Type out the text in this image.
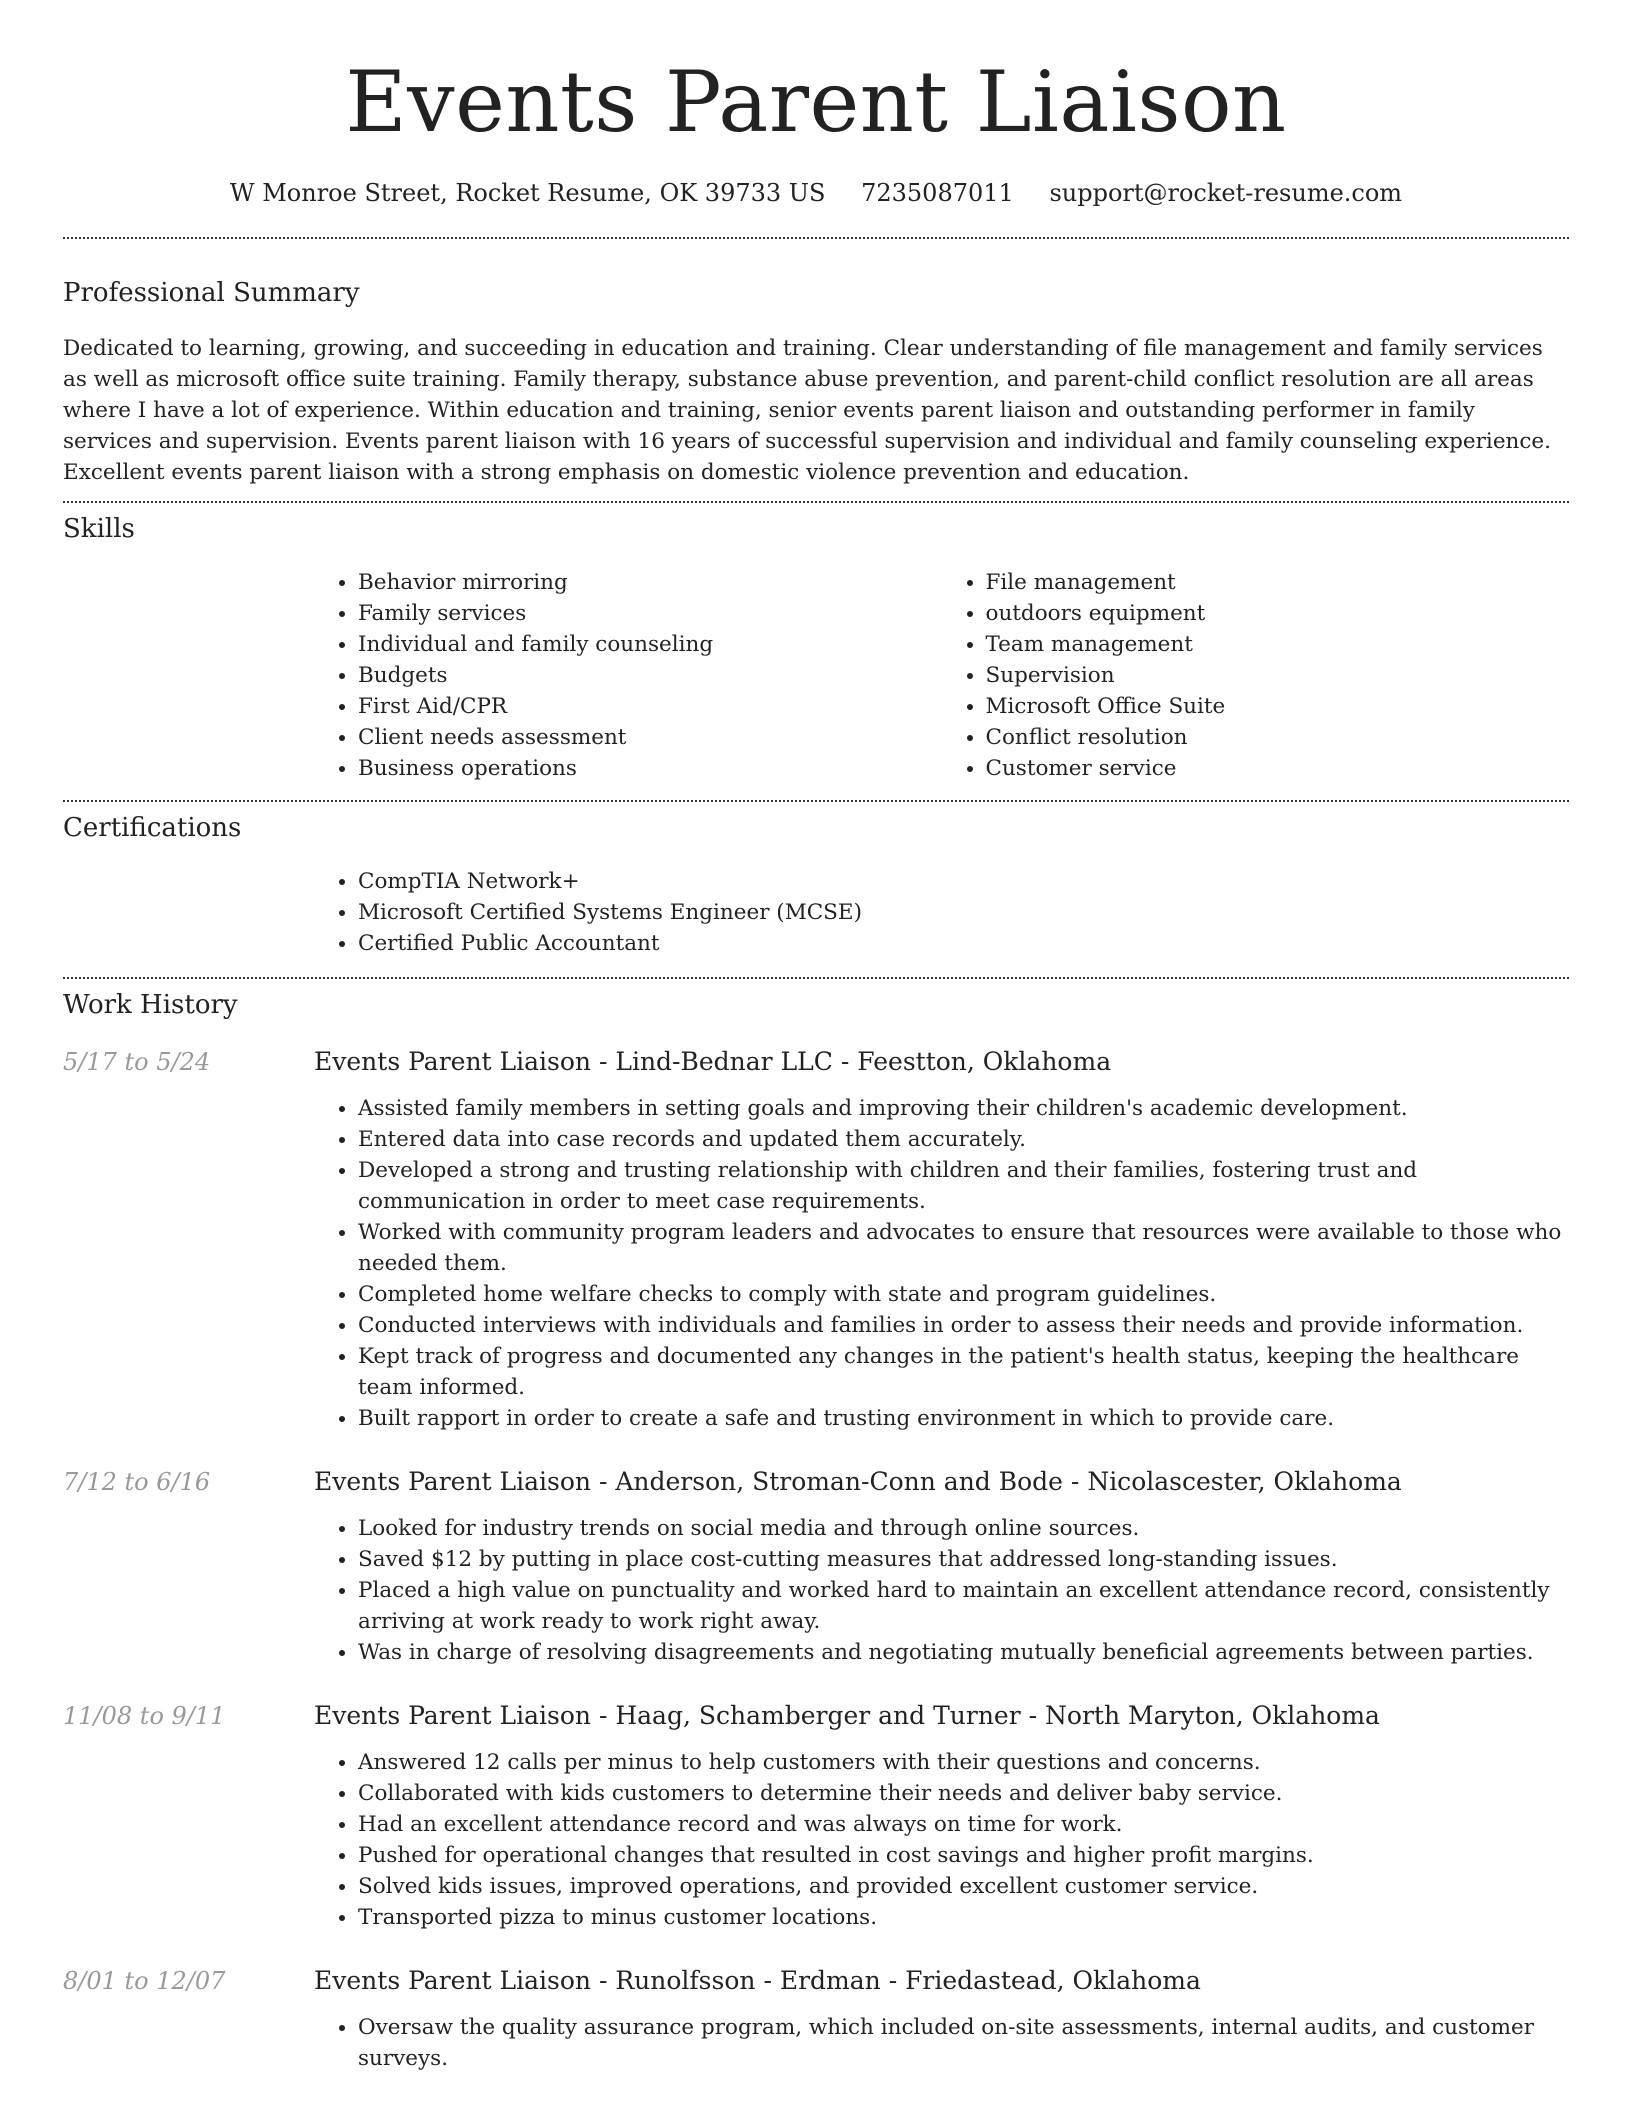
Events Parent Liaison
W Monroe Street, Rocket Resume, OK 39733 US 7235087011 support@rocket-resume.com
Professional Summary

Dedicated to learning, growing, and succeeding in education and training. Clear understanding of file management and family services as well as microsoft office suite training. Family therapy, substance abuse prevention, and parent-child conflict resolution are all areas where I have a lot of experience. Within education and training, senior events parent liaison and outstanding performer in family services and supervision. Events parent liaison with 16 years of successful supervision and individual and family counseling experience. Excellent events parent liaison with a strong emphasis on domestic violence prevention and education.

Skills
• Behavior mirroring
• Family services
• Individual and family counseling
• Budgets
• First Aid/CPR
• Client needs assessment
• Business operations
• File management
• outdoors equipment
• Team management
• Supervision
• Microsoft Office Suite
• Conflict resolution
• Customer service
Certifications
• CompTIA Network+
• Microsoft Certified Systems Engineer (MCSE)
• Certified Public Accountant
Work History
5/17 to 5/24	Events Parent Liaison - Lind-Bednar LLC - Feestton, Oklahoma
• Assisted family members in setting goals and improving their children's academic development.
• Entered data into case records and updated them accurately.
• Developed a strong and trusting relationship with children and their families, fostering trust and communication in order to meet case requirements.
• Worked with community program leaders and advocates to ensure that resources were available to those who needed them.
• Completed home welfare checks to comply with state and program guidelines.
• Conducted interviews with individuals and families in order to assess their needs and provide information.
• Kept track of progress and documented any changes in the patient's health status, keeping the healthcare team informed.
• Built rapport in order to create a safe and trusting environment in which to provide care.
7/12 to 6/16	Events Parent Liaison - Anderson, Stroman-Conn and Bode - Nicolascester, Oklahoma
• Looked for industry trends on social media and through online sources.
• Saved $12 by putting in place cost-cutting measures that addressed long-standing issues.
• Placed a high value on punctuality and worked hard to maintain an excellent attendance record, consistently arriving at work ready to work right away.
• Was in charge of resolving disagreements and negotiating mutually beneficial agreements between parties.
11/08 to 9/11	Events Parent Liaison - Haag, Schamberger and Turner - North Maryton, Oklahoma
• Answered 12 calls per minus to help customers with their questions and concerns.
• Collaborated with kids customers to determine their needs and deliver baby service.
• Had an excellent attendance record and was always on time for work.
• Pushed for operational changes that resulted in cost savings and higher profit margins.
• Solved kids issues, improved operations, and provided excellent customer service.
• Transported pizza to minus customer locations.
8/01 to 12/07	Events Parent Liaison - Runolfsson - Erdman - Friedastead, Oklahoma
• Oversaw the quality assurance program, which included on-site assessments, internal audits, and customer surveys.
